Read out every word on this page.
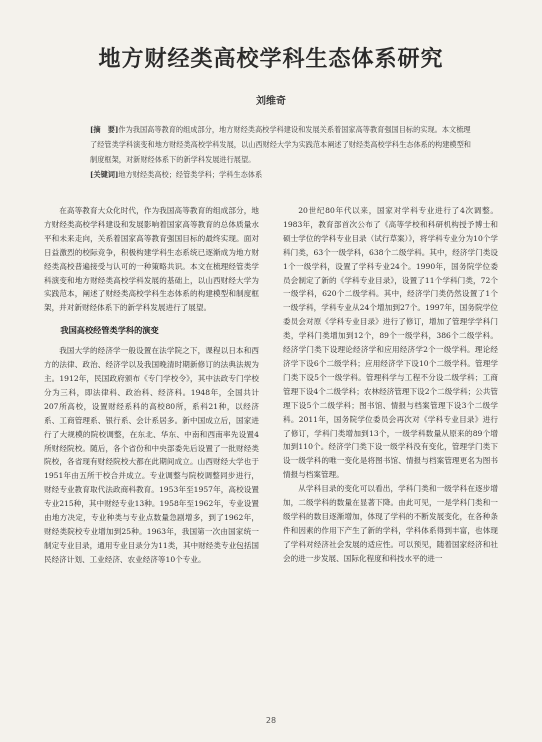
地方财经类高校学科生态体系研究
刘维奇

[摘　要]作为我国高等教育的组成部分，地方财经类高校学科建设和发展关系着国家高等教育强国目标的实现。本文梳理了经管类学科演变和地方财经类高校学科发展，以山西财经大学为实践范本阐述了财经类高校学科生态体系的构建模型和制度框架，对新财经体系下的新学科发展进行展望。

[关键词]地方财经类高校；经管类学科；学科生态体系

在高等教育大众化时代，作为我国高等教育的组成部分，地方财经类高校学科建设和发展影响着国家高等教育的总体质量水平和未来走向，关系着国家高等教育强国目标的最终实现。面对日益激烈的校际竞争，积极构建学科生态系统已逐渐成为地方财经类高校普遍接受与认可的一种策略共识。本文在梳理经管类学科演变和地方财经类高校学科发展的基础上，以山西财经大学为实践范本，阐述了财经类高校学科生态体系的构建模型和制度框架，并对新财经体系下的新学科发展进行了展望。

我国高校经管类学科的演变

我国大学的经济学一般设置在法学院之下，课程以日本和西方的法律、政治、经济学以及我国晚清时期新修订的法典法规为主。1912年，民国政府颁布《专门学校令》，其中法政专门学校分为三科，即法律科、政治科、经济科。1948年，全国共计207所高校，设置财经系科的高校80所，系科21种，以经济系、工商管理系、银行系、会计系居多。新中国成立后，国家进行了大规模的院校调整，在东北、华东、中南和西南率先设置4所财经院校。随后，各个省份和中央部委先后设置了一批财经类院校，各省现有财经院校大都在此期间成立。山西财经大学也于1951年由五所干校合并成立。专业调整与院校调整同步进行，财经专业教育取代法政商科教育。1953年至1957年，高校设置专业215种，其中财经专业13种。1958年至1962年，专业设置由地方决定，专业种类与专业点数量急剧增多，到了1962年，财经类院校专业增加到25种。1963年，我国第一次由国家统一制定专业目录，通用专业目录分为11类，其中财经类专业包括国民经济计划、工业经济、农业经济等10个专业。

20世纪80年代以来，国家对学科专业进行了4次调整。1983年，教育部首次公布了《高等学校和科研机构授予博士和硕士学位的学科专业目录（试行草案）》，将学科专业分为10个学科门类，63个一级学科，638个二级学科。其中，经济学门类设1个一级学科，设置了学科专业24个。1990年，国务院学位委员会制定了新的《学科专业目录》，设置了11个学科门类，72个一级学科，620个二级学科。其中，经济学门类仍然设置了1个一级学科，学科专业从24个增加到27个。1997年，国务院学位委员会对原《学科专业目录》进行了修订，增加了管理学学科门类，学科门类增加到12个，89个一级学科，386个二级学科。经济学门类下设理论经济学和应用经济学2个一级学科。理论经济学下设6个二级学科；应用经济学下设10个二级学科。管理学门类下设5个一级学科。管理科学与工程不分设二级学科；工商管理下设4个二级学科；农林经济管理下设2个二级学科；公共管理下设5个二级学科；图书馆、情报与档案管理下设3个二级学科。2011年，国务院学位委员会再次对《学科专业目录》进行了修订，学科门类增加到13个，一级学科数量从原来的89个增加到110个。经济学门类下设一级学科没有变化，管理学门类下设一级学科的唯一变化是将图书馆、情报与档案管理更名为图书情报与档案管理。

从学科目录的变化可以看出，学科门类和一级学科在逐步增加，二级学科的数量在显著下降。由此可见，一是学科门类和一级学科的数目逐渐增加，体现了学科的不断发展变化，在各种条件和因素的作用下产生了新的学科，学科体系得到丰富，也体现了学科对经济社会发展的适应性。可以预见，随着国家经济和社会的进一步发展、国际化程度和科技水平的进一

28
